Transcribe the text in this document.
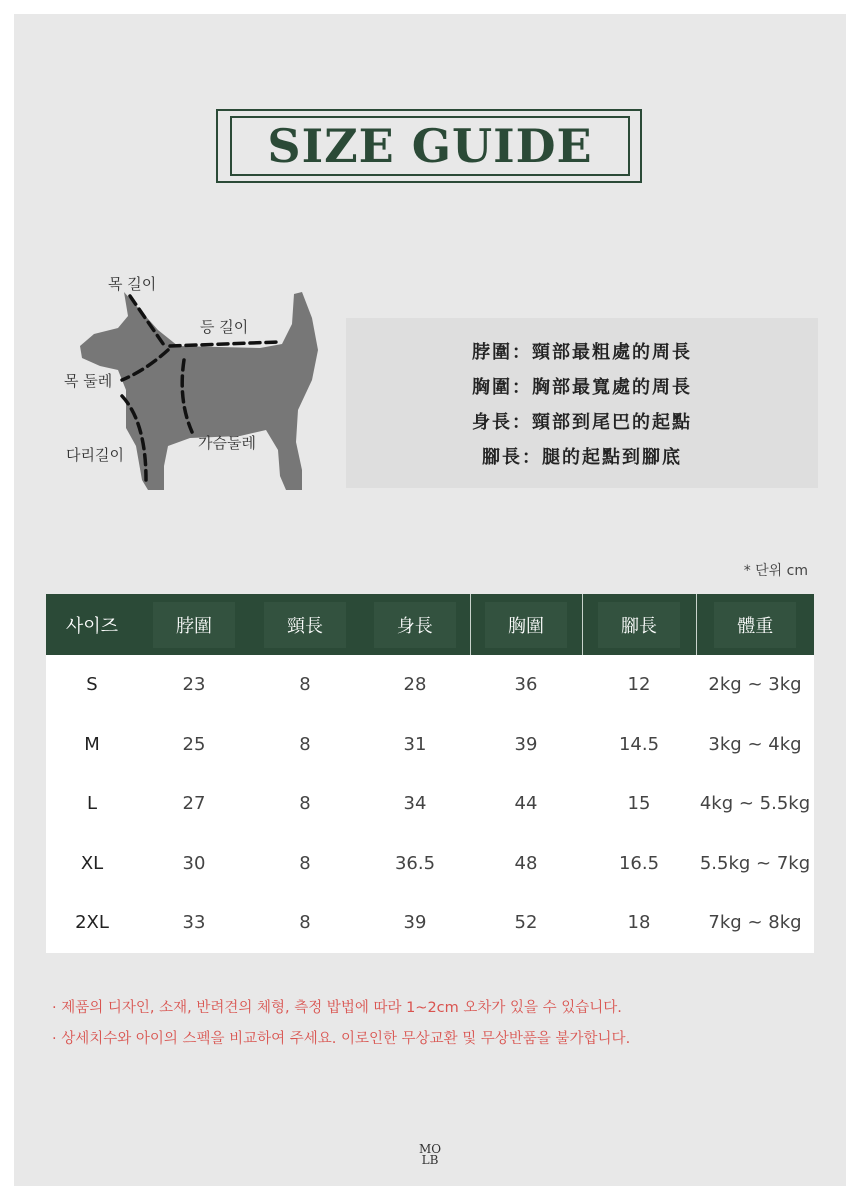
SIZE GUIDE
목 길이
등 길이
목 둘레
가슴둘레
다리길이
脖圍：頸部最粗處的周長
胸圍：胸部最寬處的周長
身長：頸部到尾巴的起點
腳長：腿的起點到腳底
* 단위 cm
사이즈	脖圍	頸長	身長	胸圍	腳長	體重
S	23	8	28	36	12	2kg ~ 3kg
M	25	8	31	39	14.5	3kg ~ 4kg
L	27	8	34	44	15	4kg ~ 5.5kg
XL	30	8	36.5	48	16.5	5.5kg ~ 7kg
2XL	33	8	39	52	18	7kg ~ 8kg
· 제품의 디자인, 소재, 반려견의 체형, 측정 밥법에 따라 1~2cm 오차가 있을 수 있습니다.
· 상세치수와 아이의 스펙을 비교하여 주세요. 이로인한 무상교환 및 무상반품을 불가합니다.
MO
LB
